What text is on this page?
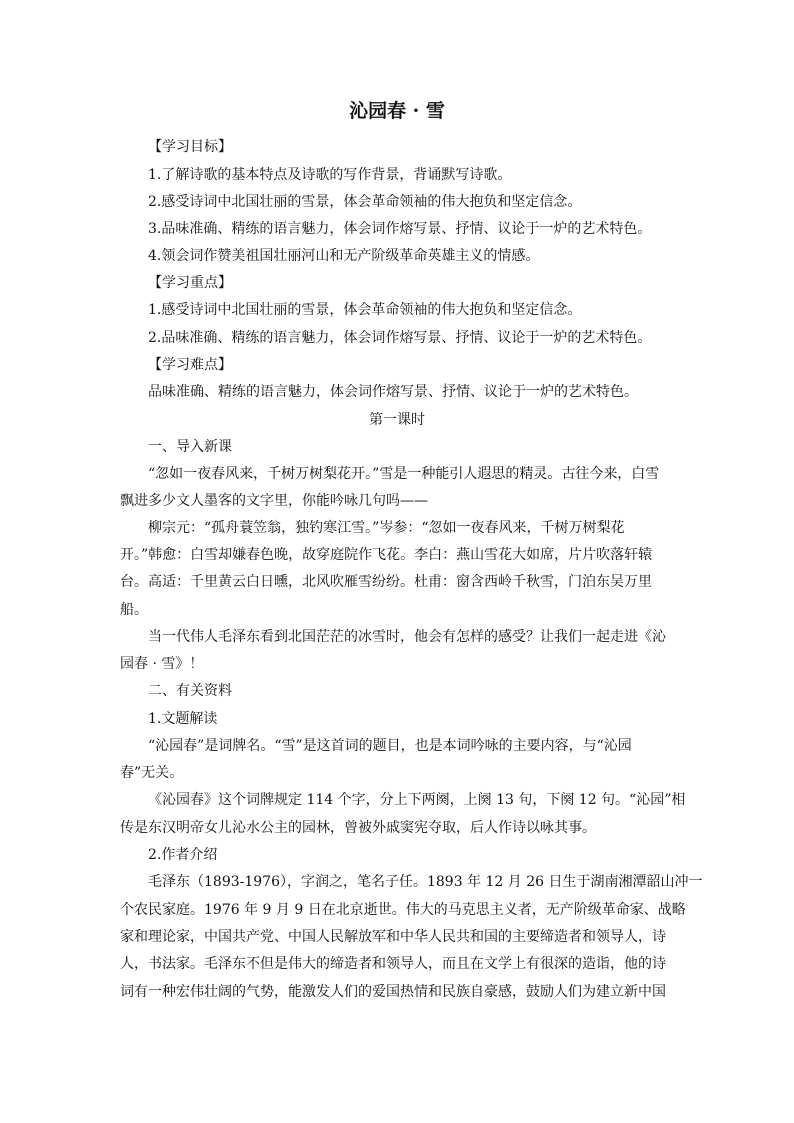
沁园春 · 雪
【学习目标】
1.了解诗歌的基本特点及诗歌的写作背景，背诵默写诗歌。
2.感受诗词中北国壮丽的雪景，体会革命领袖的伟大抱负和坚定信念。
3.品味准确、精练的语言魅力，体会词作熔写景、抒情、议论于一炉的艺术特色。
4.领会词作赞美祖国壮丽河山和无产阶级革命英雄主义的情感。
【学习重点】
1.感受诗词中北国壮丽的雪景，体会革命领袖的伟大抱负和坚定信念。
2.品味准确、精练的语言魅力，体会词作熔写景、抒情、议论于一炉的艺术特色。
【学习难点】
品味准确、精练的语言魅力，体会词作熔写景、抒情、议论于一炉的艺术特色。
第一课时
一、导入新课
“忽如一夜春风来，千树万树梨花开。”雪是一种能引人遐思的精灵。古往今来，白雪
飘进多少文人墨客的文字里，你能吟咏几句吗——
柳宗元：“孤舟蓑笠翁，独钓寒江雪。”岑参：“忽如一夜春风来，千树万树梨花
开。”韩愈：白雪却嫌春色晚，故穿庭院作飞花。李白：燕山雪花大如席，片片吹落轩辕
台。高适：千里黄云白日曛，北风吹雁雪纷纷。杜甫：窗含西岭千秋雪，门泊东吴万里
船。
当一代伟人毛泽东看到北国茫茫的冰雪时，他会有怎样的感受？让我们一起走进《沁
园春 · 雪》！
二、有关资料
1.文题解读
“沁园春”是词牌名。“雪”是这首词的题目，也是本词吟咏的主要内容，与“沁园
春”无关。
《沁园春》这个词牌规定 114 个字，分上下两阕，上阕 13 句，下阕 12 句。“沁园”相
传是东汉明帝女儿沁水公主的园林，曾被外戚窦宪夺取，后人作诗以咏其事。
2.作者介绍
毛泽东（1893-1976），字润之，笔名子任。1893 年 12 月 26 日生于湖南湘潭韶山冲一
个农民家庭。1976 年 9 月 9 日在北京逝世。伟大的马克思主义者，无产阶级革命家、战略
家和理论家，中国共产党、中国人民解放军和中华人民共和国的主要缔造者和领导人，诗
人，书法家。毛泽东不但是伟大的缔造者和领导人，而且在文学上有很深的造诣，他的诗
词有一种宏伟壮阔的气势，能激发人们的爱国热情和民族自豪感，鼓励人们为建立新中国
